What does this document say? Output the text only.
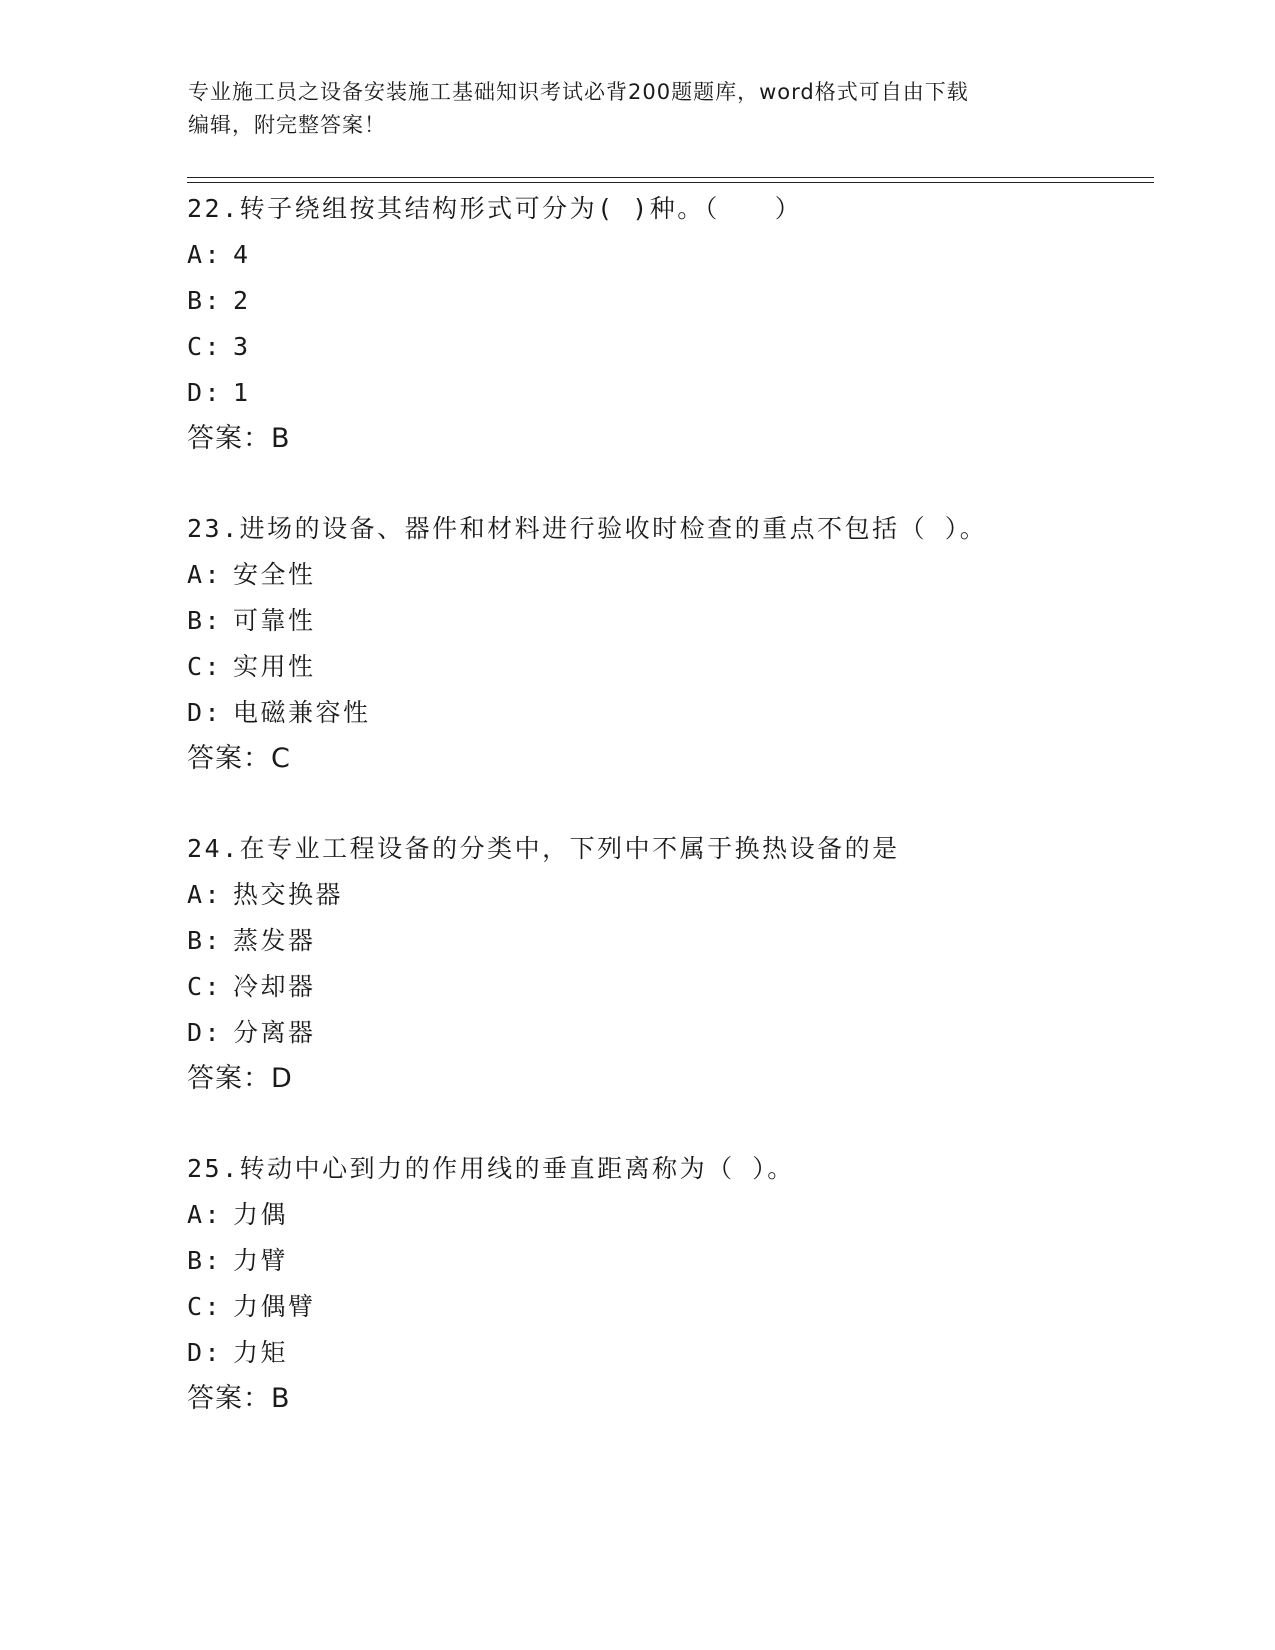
专业施工员之设备安装施工基础知识考试必背200题题库，word格式可自由下载
编辑，附完整答案！
22.转子绕组按其结构形式可分为( )种。（　　）
A: 4
B: 2
C: 3
D: 1
答案：B
23.进场的设备、器件和材料进行验收时检查的重点不包括（ ）。
A: 安全性
B: 可靠性
C: 实用性
D: 电磁兼容性
答案：C
24.在专业工程设备的分类中，下列中不属于换热设备的是
A: 热交换器
B: 蒸发器
C: 冷却器
D: 分离器
答案：D
25.转动中心到力的作用线的垂直距离称为（ ）。
A: 力偶
B: 力臂
C: 力偶臂
D: 力矩
答案：B
